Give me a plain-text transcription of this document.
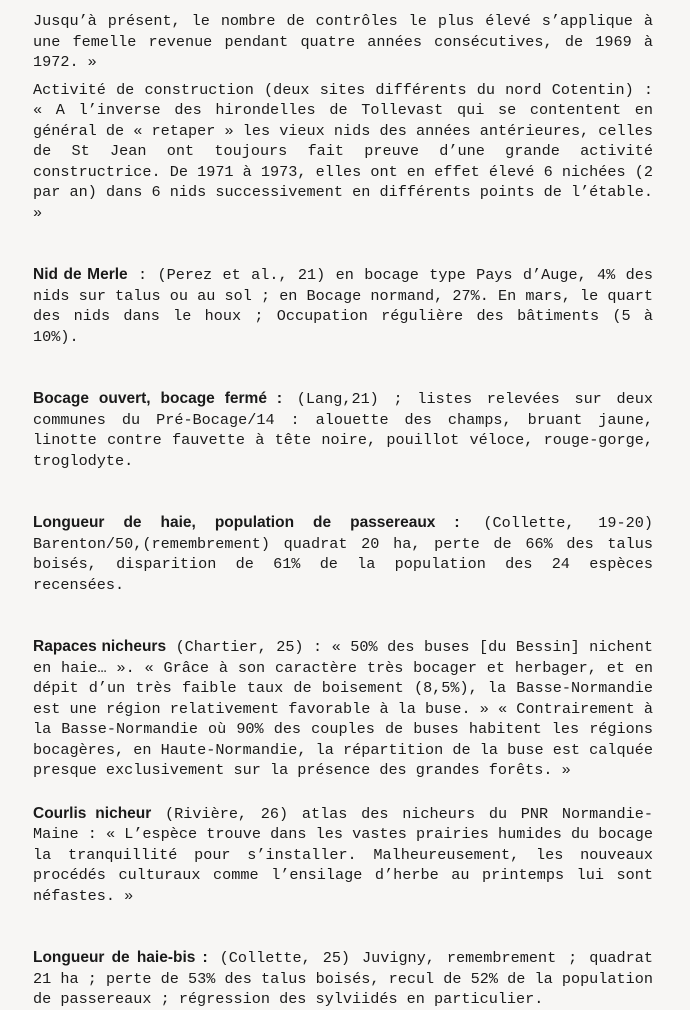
Jusqu’à présent, le nombre de contrôles le plus élevé s’applique à une femelle revenue pendant quatre années consécutives, de 1969 à 1972. »

Activité de construction (deux sites différents du nord Cotentin) : « A l’inverse des hirondelles de Tollevast qui se contentent en général de « retaper » les vieux nids des années antérieures, celles de St Jean ont toujours fait preuve d’une grande activité constructrice. De 1971 à 1973, elles ont en effet élevé 6 nichées (2 par an) dans 6 nids successivement en différents points de l’étable. »

Nid de Merle : (Perez et al., 21) en bocage type Pays d’Auge, 4% des nids sur talus ou au sol ; en Bocage normand, 27%. En mars, le quart des nids dans le houx ; Occupation régulière des bâtiments (5 à 10%).

Bocage ouvert, bocage fermé : (Lang,21) ; listes relevées sur deux communes du Pré-Bocage/14 : alouette des champs, bruant jaune, linotte contre fauvette à tête noire, pouillot véloce, rouge-gorge, troglodyte.

Longueur de haie, population de passereaux : (Collette, 19-20) Barenton/50,(remembrement) quadrat 20 ha, perte de 66% des talus boisés, disparition de 61% de la population des 24 espèces recensées.

Rapaces nicheurs (Chartier, 25) : « 50% des buses [du Bessin] nichent en haie… ». « Grâce à son caractère très bocager et herbager, et en dépit d’un très faible taux de boisement (8,5%), la Basse-Normandie est une région relativement favorable à la buse. » « Contrairement à la Basse-Normandie où 90% des couples de buses habitent les régions bocagères, en Haute-Normandie, la répartition de la buse est calquée presque exclusivement sur la présence des grandes forêts. »

Courlis nicheur (Rivière, 26) atlas des nicheurs du PNR Normandie-Maine : « L’espèce trouve dans les vastes prairies humides du bocage la tranquillité pour s’installer. Malheureusement, les nouveaux procédés culturaux comme l’ensilage d’herbe au printemps lui sont néfastes. »

Longueur de haie-bis : (Collette, 25) Juvigny, remembrement ; quadrat 21 ha ; perte de 53% des talus boisés, recul de 52% de la population de passereaux ; régression des sylviidés en particulier.
